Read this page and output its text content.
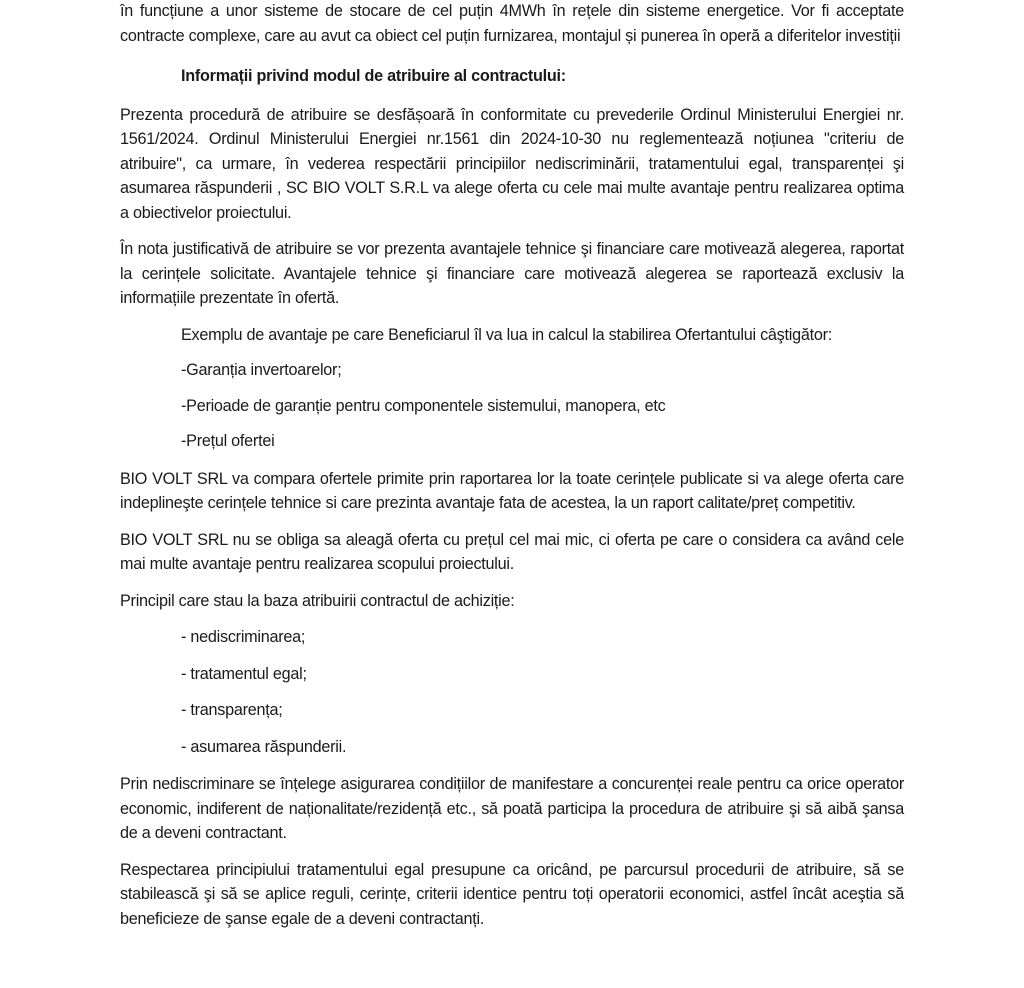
în funcțiune a unor sisteme de stocare de cel puțin 4MWh în rețele din sisteme energetice. Vor fi acceptate contracte complexe, care au avut ca obiect cel puțin furnizarea, montajul și punerea în operă a diferitelor investiții

Informații privind modul de atribuire al contractului:

Prezenta procedură de atribuire se desfășoară în conformitate cu prevederile Ordinul Ministerului Energiei nr. 1561/2024. Ordinul Ministerului Energiei nr.1561 din 2024-10-30 nu reglementează noțiunea "criteriu de atribuire", ca urmare, în vederea respectării principiilor nediscriminării, tratamentului egal, transparenței şi asumarea răspunderii , SC BIO VOLT S.R.L va alege oferta cu cele mai multe avantaje pentru realizarea optima a obiectivelor proiectului.

În nota justificativă de atribuire se vor prezenta avantajele tehnice şi financiare care motivează alegerea, raportat la cerințele solicitate. Avantajele tehnice şi financiare care motivează alegerea se raportează exclusiv la informațiile prezentate în ofertă.

Exemplu de avantaje pe care Beneficiarul îl va lua in calcul la stabilirea Ofertantului câştigător:

-Garanția invertoarelor;

-Perioade de garanție pentru componentele sistemului, manopera, etc

-Prețul ofertei

BIO VOLT SRL va compara ofertele primite prin raportarea lor la toate cerințele publicate si va alege oferta care indeplineşte cerințele tehnice si care prezinta avantaje fata de acestea, la un raport calitate/preț competitiv.

BIO VOLT SRL nu se obliga sa aleagă oferta cu prețul cel mai mic, ci oferta pe care o considera ca având cele mai multe avantaje pentru realizarea scopului proiectului.

Principil care stau la baza atribuirii contractul de achiziție:

- nediscriminarea;

- tratamentul egal;

- transparența;

- asumarea răspunderii.

Prin nediscriminare se înțelege asigurarea condițiilor de manifestare a concurenței reale pentru ca orice operator economic, indiferent de naționalitate/rezidență etc., să poată participa la procedura de atribuire şi să aibă şansa de a deveni contractant.

Respectarea principiului tratamentului egal presupune ca oricând, pe parcursul procedurii de atribuire, să se stabilească şi să se aplice reguli, cerințe, criterii identice pentru toți operatorii economici, astfel încât aceştia să beneficieze de şanse egale de a deveni contractanți.
